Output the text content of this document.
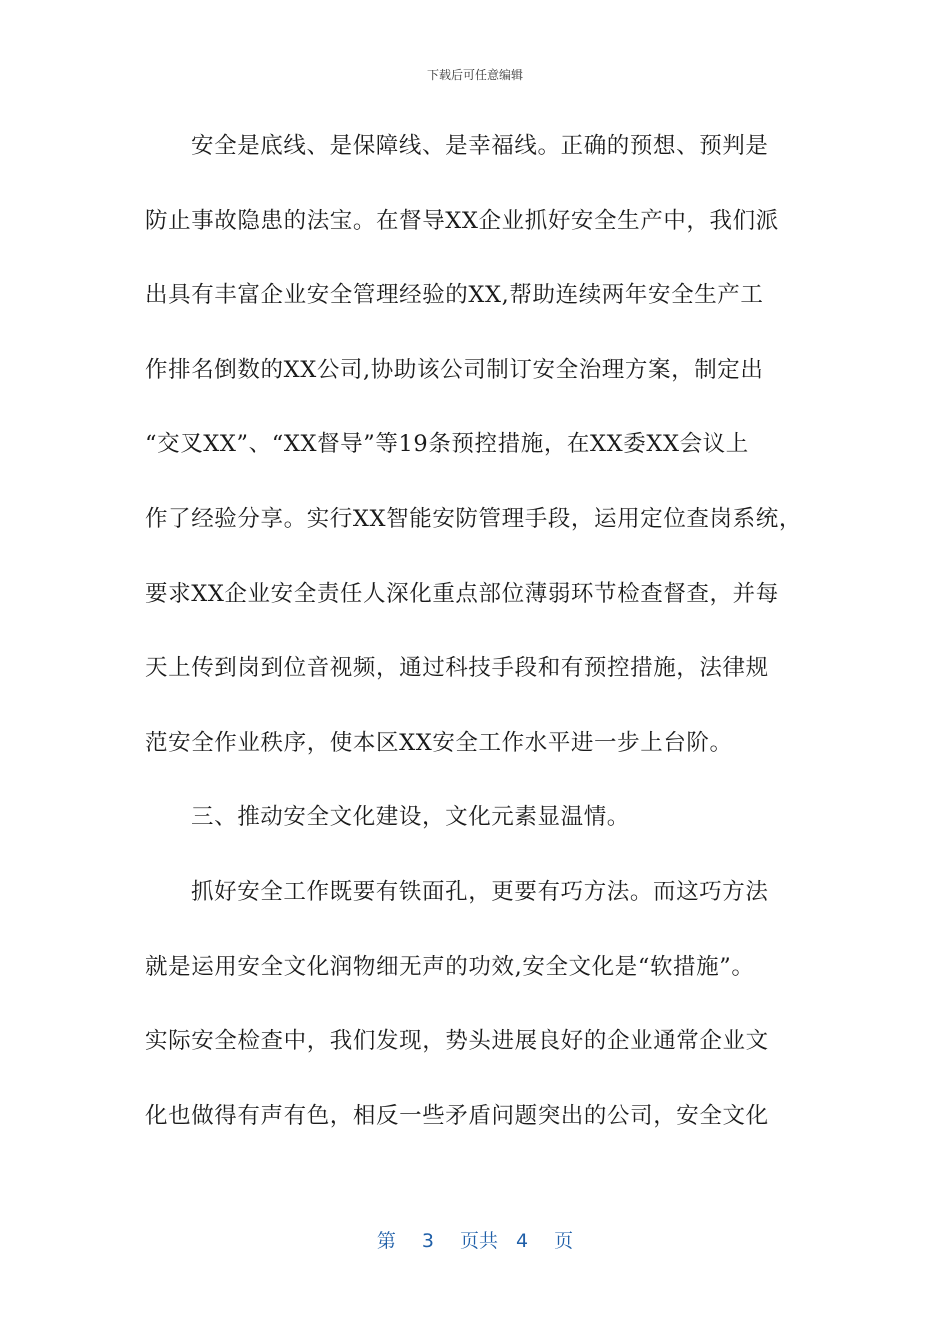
下载后可任意编辑
安全是底线、是保障线、是幸福线。正确的预想、预判是
防止事故隐患的法宝。在督导XX企业抓好安全生产中，我们派
出具有丰富企业安全管理经验的XX,帮助连续两年安全生产工
作排名倒数的XX公司,协助该公司制订安全治理方案，制定出
“交叉XX”、“XX督导”等19条预控措施，在XX委XX会议上
作了经验分享。实行XX智能安防管理手段，运用定位查岗系统，
要求XX企业安全责任人深化重点部位薄弱环节检查督查，并每
天上传到岗到位音视频，通过科技手段和有预控措施，法律规
范安全作业秩序，使本区XX安全工作水平进一步上台阶。
三、推动安全文化建设，文化元素显温情。
抓好安全工作既要有铁面孔，更要有巧方法。而这巧方法
就是运用安全文化润物细无声的功效,安全文化是“软措施”。
实际安全检查中，我们发现，势头进展良好的企业通常企业文
化也做得有声有色，相反一些矛盾问题突出的公司，安全文化
第 3 页共 4 页
